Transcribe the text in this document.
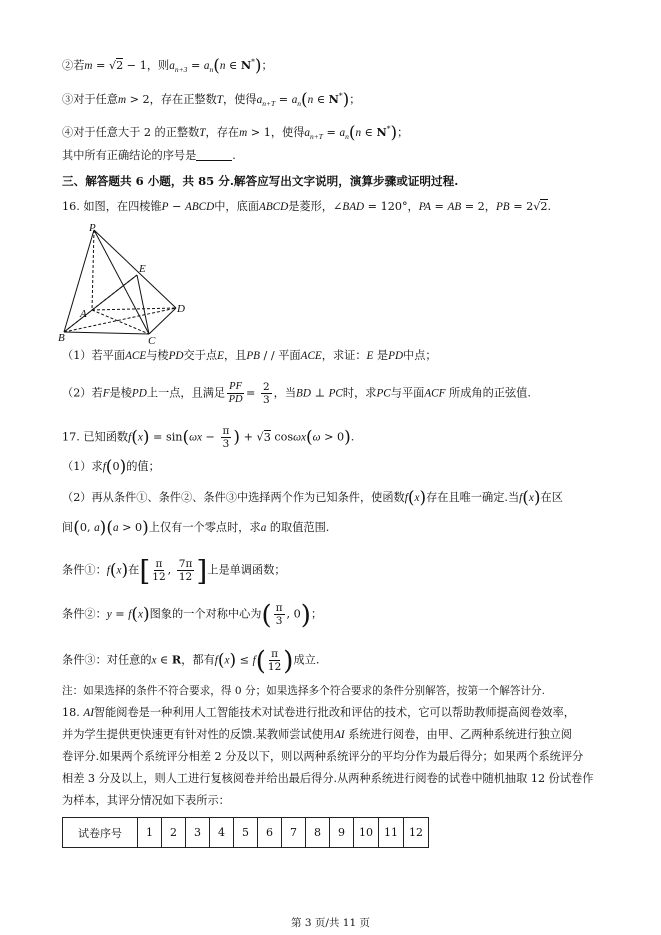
②若m = √2 − 1，则$a_{n+3} = a_n(n$ ∈ N*)；
③对于任意m > 2，存在正整数T，使得$a_{n+T} = a_n(n$ ∈ N*)；
④对于任意大于 2 的正整数T，存在m > 1，使得$a_{n+T} = a_n(n$ ∈ N*)；
其中所有正确结论的序号是	.
三、解答题共 6 小题，共 85 分.解答应写出文字说明，演算步骤或证明过程.
16. 如图，在四棱锥P − ABCD中，底面ABCD是菱形，∠BAD = 120°，PA = AB = 2，PB = 2√2.
P
E
A	D
B	C
（1）若平面ACE与棱PD交于点E，且PB / / 平面ACE，求证：E 是PD中点；
（2）若F是棱PD上一点，且满足 $\frac{PF}{PD} = \frac{2}{3}$ ，当BD ⊥ PC时，求PC与平面ACF 所成角的正弦值.
17. 已知函数$f(x) = \sin(\omega x - \frac{\pi}{3}$ ) + √3 cosωx(ω > 0).
（1）求f(0)的值；
（2）再从条件①、条件②、条件③中选择两个作为已知条件，使函数f(x)存在且唯一确定.当f(x)在区
间(0, a)(a > 0)上仅有一个零点时，求a 的取值范围.
条件①：f(x)在[ $\frac{\pi}{12}$ , $\frac{7\pi}{12}$ ]上是单调函数；
条件②：y = f(x)图象的一个对称中心为( $\frac{\pi}{3}$ , 0)；
条件③：对任意的x ∈ R，都有$f(x) \le f( \frac{\pi}{12}$ )成立.
注：如果选择的条件不符合要求，得 0 分；如果选择多个符合要求的条件分别解答，按第一个解答计分.
18. AI智能阅卷是一种利用人工智能技术对试卷进行批改和评估的技术，它可以帮助教师提高阅卷效率，
并为学生提供更快速更有针对性的反馈.某教师尝试使用AI 系统进行阅卷，由甲、乙两种系统进行独立阅
卷评分.如果两个系统评分相差 2 分及以下，则以两种系统评分的平均分作为最后得分；如果两个系统评分
相差 3 分及以上，则人工进行复核阅卷并给出最后得分.从两种系统进行阅卷的试卷中随机抽取 12 份试卷作
为样本，其评分情况如下表所示：
试卷序号	1	2	3	4	5	6	7	8	9	10	11	12
第 3 页/共 11 页
